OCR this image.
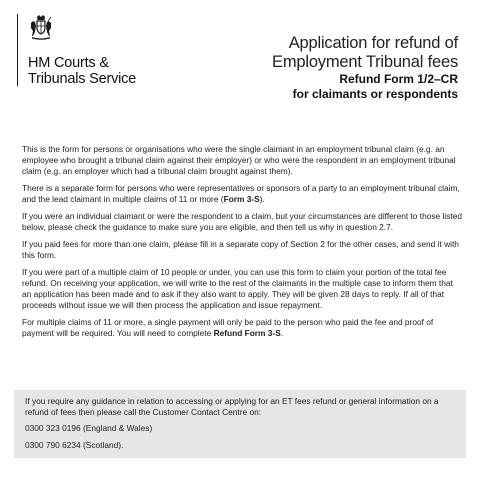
HM Courts &
Tribunals Service
Application for refund of
Employment Tribunal fees
Refund Form 1/2–CR
for claimants or respondents

This is the form for persons or organisations who were the single claimant in an employment tribunal claim (e.g. an employee who brought a tribunal claim against their employer) or who were the respondent in an employment tribunal claim (e.g. an employer which had a tribunal claim brought against them).

There is a separate form for persons who were representatives or sponsors of a party to an employment tribunal claim, and the lead claimant in multiple claims of 11 or more (Form 3-S).

If you were an individual claimant or were the respondent to a claim, but your circumstances are different to those listed below, please check the guidance to make sure you are eligible, and then tell us why in question 2.7.

If you paid fees for more than one claim, please fill in a separate copy of Section 2 for the other cases, and send it with this form.

If you were part of a multiple claim of 10 people or under, you can use this form to claim your portion of the total fee refund. On receiving your application, we will write to the rest of the claimants in the multiple case to inform them that an application has been made and to ask if they also want to apply. They will be given 28 days to reply. If all of that proceeds without issue we will then process the application and issue repayment.

For multiple claims of 11 or more, a single payment will only be paid to the person who paid the fee and proof of payment will be required. You will need to complete Refund Form 3-S.

If you require any guidance in relation to accessing or applying for an ET fees refund or general information on a refund of fees then please call the Customer Contact Centre on:

0300 323 0196 (England & Wales)

0300 790 6234 (Scotland).
